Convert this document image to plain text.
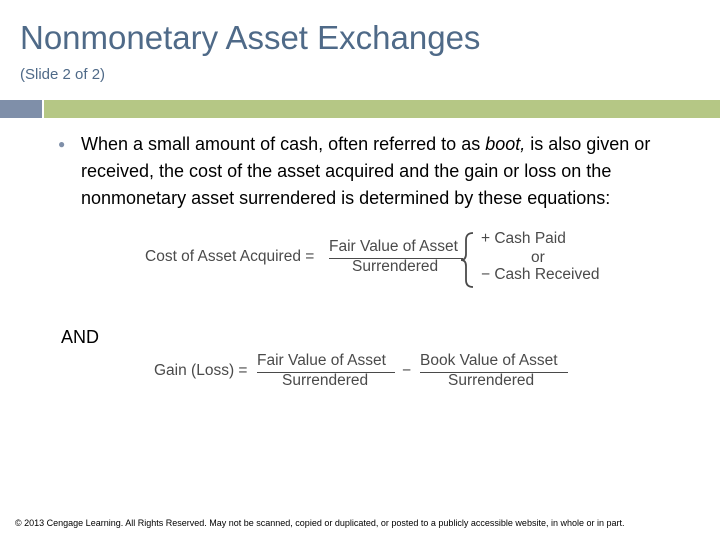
Nonmonetary Asset Exchanges
(Slide 2 of 2)
● When a small amount of cash, often referred to as boot, is also given or received, the cost of the asset acquired and the gain or loss on the nonmonetary asset surrendered is determined by these equations:
Cost of Asset Acquired =
Fair Value of Asset
Surrendered
+ Cash Paid
or
− Cash Received
AND
Gain (Loss) =
Fair Value of Asset
Surrendered
−
Book Value of Asset
Surrendered
© 2013 Cengage Learning. All Rights Reserved. May not be scanned, copied or duplicated, or posted to a publicly accessible website, in whole or in part.
